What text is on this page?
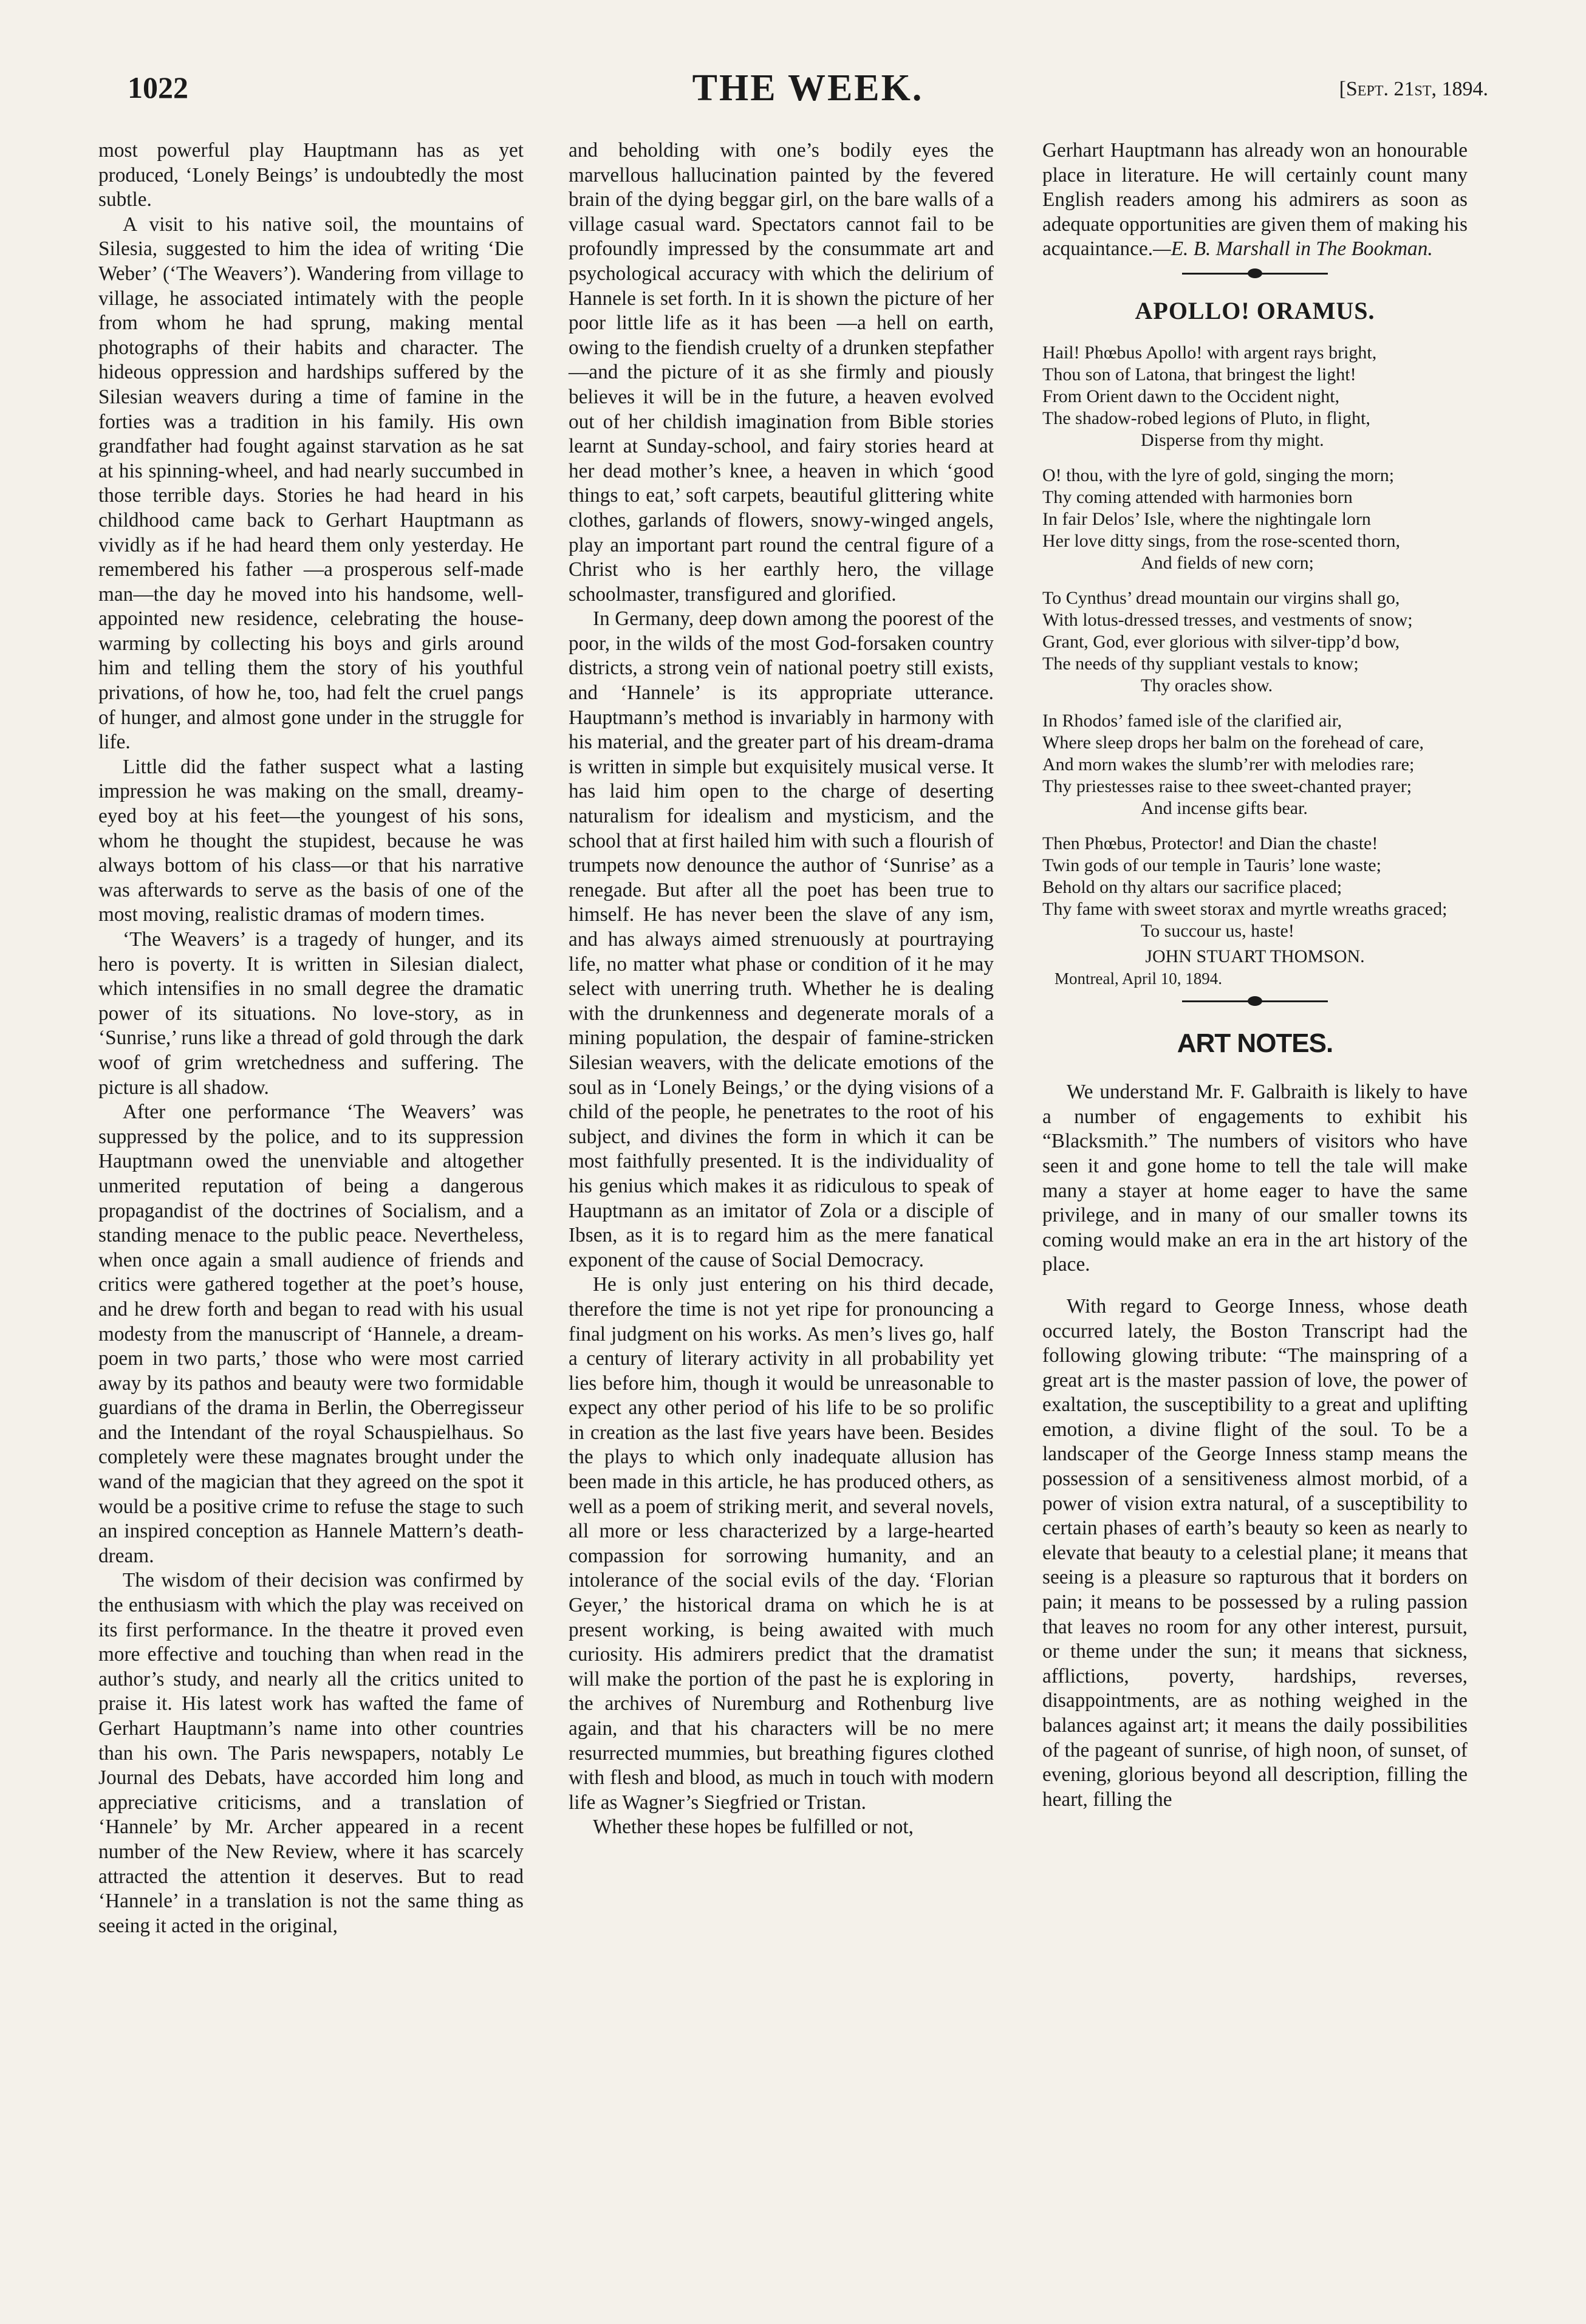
1022	THE WEEK.	[Sept. 21st, 1894.

most powerful play Hauptmann has as yet produced, ‘Lonely Beings’ is undoubtedly the most subtle.

A visit to his native soil, the mountains of Silesia, suggested to him the idea of writing ‘Die Weber’ (‘The Weavers’). Wandering from village to village, he associated intimately with the people from whom he had sprung, making mental photographs of their habits and character. The hideous oppression and hardships suffered by the Silesian weavers during a time of famine in the forties was a tradition in his family. His own grandfather had fought against starvation as he sat at his spinning-wheel, and had nearly succumbed in those terrible days. Stories he had heard in his childhood came back to Gerhart Hauptmann as vividly as if he had heard them only yesterday. He remembered his father —a prosperous self-made man—the day he moved into his handsome, well-appointed new residence, celebrating the house-warming by collecting his boys and girls around him and telling them the story of his youthful privations, of how he, too, had felt the cruel pangs of hunger, and almost gone under in the struggle for life.

Little did the father suspect what a lasting impression he was making on the small, dreamy-eyed boy at his feet—the youngest of his sons, whom he thought the stupidest, because he was always bottom of his class—or that his narrative was afterwards to serve as the basis of one of the most moving, realistic dramas of modern times.

‘The Weavers’ is a tragedy of hunger, and its hero is poverty. It is written in Silesian dialect, which intensifies in no small degree the dramatic power of its situations. No love-story, as in ‘Sunrise,’ runs like a thread of gold through the dark woof of grim wretchedness and suffering. The picture is all shadow.

After one performance ‘The Weavers’ was suppressed by the police, and to its suppression Hauptmann owed the unenviable and altogether unmerited reputation of being a dangerous propagandist of the doctrines of Socialism, and a standing menace to the public peace. Nevertheless, when once again a small audience of friends and critics were gathered together at the poet’s house, and he drew forth and began to read with his usual modesty from the manuscript of ‘Hannele, a dream-poem in two parts,’ those who were most carried away by its pathos and beauty were two formidable guardians of the drama in Berlin, the Oberregisseur and the Intendant of the royal Schauspielhaus. So completely were these magnates brought under the wand of the magician that they agreed on the spot it would be a positive crime to refuse the stage to such an inspired conception as Hannele Mattern’s death-dream.

The wisdom of their decision was confirmed by the enthusiasm with which the play was received on its first performance. In the theatre it proved even more effective and touching than when read in the author’s study, and nearly all the critics united to praise it. His latest work has wafted the fame of Gerhart Hauptmann’s name into other countries than his own. The Paris newspapers, notably Le Journal des Debats, have accorded him long and appreciative criticisms, and a translation of ‘Hannele’ by Mr. Archer appeared in a recent number of the New Review, where it has scarcely attracted the attention it deserves. But to read ‘Hannele’ in a translation is not the same thing as seeing it acted in the original,

and beholding with one’s bodily eyes the marvellous hallucination painted by the fevered brain of the dying beggar girl, on the bare walls of a village casual ward. Spectators cannot fail to be profoundly impressed by the consummate art and psychological accuracy with which the delirium of Hannele is set forth. In it is shown the picture of her poor little life as it has been —a hell on earth, owing to the fiendish cruelty of a drunken stepfather—and the picture of it as she firmly and piously believes it will be in the future, a heaven evolved out of her childish imagination from Bible stories learnt at Sunday-school, and fairy stories heard at her dead mother’s knee, a heaven in which ‘good things to eat,’ soft carpets, beautiful glittering white clothes, garlands of flowers, snowy-winged angels, play an important part round the central figure of a Christ who is her earthly hero, the village schoolmaster, transfigured and glorified.

In Germany, deep down among the poorest of the poor, in the wilds of the most God-forsaken country districts, a strong vein of national poetry still exists, and ‘Hannele’ is its appropriate utterance. Hauptmann’s method is invariably in harmony with his material, and the greater part of his dream-drama is written in simple but exquisitely musical verse. It has laid him open to the charge of deserting naturalism for idealism and mysticism, and the school that at first hailed him with such a flourish of trumpets now denounce the author of ‘Sunrise’ as a renegade. But after all the poet has been true to himself. He has never been the slave of any ism, and has always aimed strenuously at pourtraying life, no matter what phase or condition of it he may select with unerring truth. Whether he is dealing with the drunkenness and degenerate morals of a mining population, the despair of famine-stricken Silesian weavers, with the delicate emotions of the soul as in ‘Lonely Beings,’ or the dying visions of a child of the people, he penetrates to the root of his subject, and divines the form in which it can be most faithfully presented. It is the individuality of his genius which makes it as ridiculous to speak of Hauptmann as an imitator of Zola or a disciple of Ibsen, as it is to regard him as the mere fanatical exponent of the cause of Social Democracy.

He is only just entering on his third decade, therefore the time is not yet ripe for pronouncing a final judgment on his works. As men’s lives go, half a century of literary activity in all probability yet lies before him, though it would be unreasonable to expect any other period of his life to be so prolific in creation as the last five years have been. Besides the plays to which only inadequate allusion has been made in this article, he has produced others, as well as a poem of striking merit, and several novels, all more or less characterized by a large-hearted compassion for sorrowing humanity, and an intolerance of the social evils of the day. ‘Florian Geyer,’ the historical drama on which he is at present working, is being awaited with much curiosity. His admirers predict that the dramatist will make the portion of the past he is exploring in the archives of Nuremburg and Rothenburg live again, and that his characters will be no mere resurrected mummies, but breathing figures clothed with flesh and blood, as much in touch with modern life as Wagner’s Siegfried or Tristan.

Whether these hopes be fulfilled or not,

Gerhart Hauptmann has already won an honourable place in literature. He will certainly count many English readers among his admirers as soon as adequate opportunities are given them of making his acquaintance.—E. B. Marshall in The Bookman.

APOLLO! ORAMUS.
Hail! Phœbus Apollo! with argent rays bright,
Thou son of Latona, that bringest the light!
From Orient dawn to the Occident night,
The shadow-robed legions of Pluto, in flight,
Disperse from thy might.
O! thou, with the lyre of gold, singing the morn;
Thy coming attended with harmonies born
In fair Delos’ Isle, where the nightingale lorn
Her love ditty sings, from the rose-scented thorn,
And fields of new corn;
To Cynthus’ dread mountain our virgins shall go,
With lotus-dressed tresses, and vestments of snow;
Grant, God, ever glorious with silver-tipp’d bow,
The needs of thy suppliant vestals to know;
Thy oracles show.
In Rhodos’ famed isle of the clarified air,
Where sleep drops her balm on the forehead of care,
And morn wakes the slumb’rer with melodies rare;
Thy priestesses raise to thee sweet-chanted prayer;
And incense gifts bear.
Then Phœbus, Protector! and Dian the chaste!
Twin gods of our temple in Tauris’ lone waste;
Behold on thy altars our sacrifice placed;
Thy fame with sweet storax and myrtle wreaths graced;
To succour us, haste!
JOHN STUART THOMSON.
Montreal, April 10, 1894.
ART NOTES.

We understand Mr. F. Galbraith is likely to have a number of engagements to exhibit his “Blacksmith.” The numbers of visitors who have seen it and gone home to tell the tale will make many a stayer at home eager to have the same privilege, and in many of our smaller towns its coming would make an era in the art history of the place.

With regard to George Inness, whose death occurred lately, the Boston Transcript had the following glowing tribute: “The mainspring of a great art is the master passion of love, the power of exaltation, the susceptibility to a great and uplifting emotion, a divine flight of the soul. To be a landscaper of the George Inness stamp means the possession of a sensitiveness almost morbid, of a power of vision extra natural, of a susceptibility to certain phases of earth’s beauty so keen as nearly to elevate that beauty to a celestial plane; it means that seeing is a pleasure so rapturous that it borders on pain; it means to be possessed by a ruling passion that leaves no room for any other interest, pursuit, or theme under the sun; it means that sickness, afflictions, poverty, hardships, reverses, disappointments, are as nothing weighed in the balances against art; it means the daily possibilities of the pageant of sunrise, of high noon, of sunset, of evening, glorious beyond all description, filling the heart, filling the
